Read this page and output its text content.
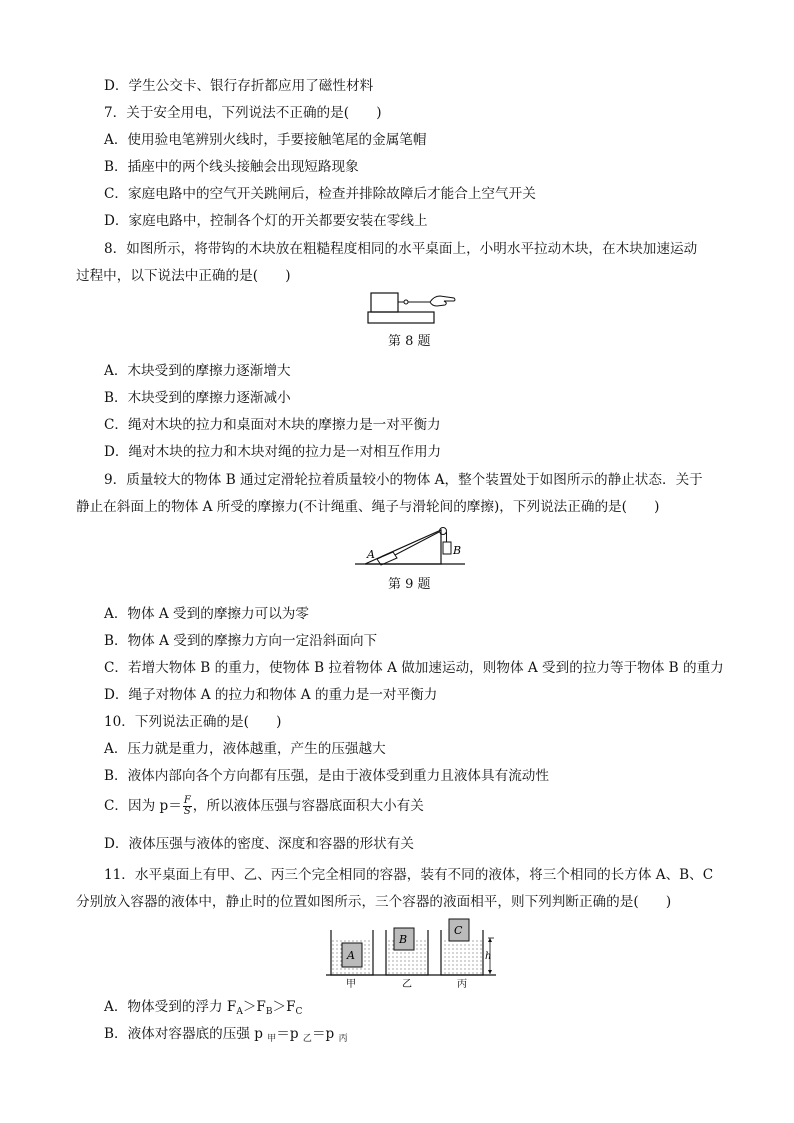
D．学生公交卡、银行存折都应用了磁性材料
7．关于安全用电，下列说法不正确的是(　　)
A．使用验电笔辨别火线时，手要接触笔尾的金属笔帽
B．插座中的两个线头接触会出现短路现象
C．家庭电路中的空气开关跳闸后，检查并排除故障后才能合上空气开关
D．家庭电路中，控制各个灯的开关都要安装在零线上
8．如图所示，将带钩的木块放在粗糙程度相同的水平桌面上，小明水平拉动木块，在木块加速运动
过程中，以下说法中正确的是(　　)
第 8 题
A．木块受到的摩擦力逐渐增大
B．木块受到的摩擦力逐渐减小
C．绳对木块的拉力和桌面对木块的摩擦力是一对平衡力
D．绳对木块的拉力和木块对绳的拉力是一对相互作用力
9．质量较大的物体 B 通过定滑轮拉着质量较小的物体 A，整个装置处于如图所示的静止状态．关于
静止在斜面上的物体 A 所受的摩擦力(不计绳重、绳子与滑轮间的摩擦)，下列说法正确的是(　　)
A	B
第 9 题
A．物体 A 受到的摩擦力可以为零
B．物体 A 受到的摩擦力方向一定沿斜面向下
C．若增大物体 B 的重力，使物体 B 拉着物体 A 做加速运动，则物体 A 受到的拉力等于物体 B 的重力
D．绳子对物体 A 的拉力和物体 A 的重力是一对平衡力
10．下列说法正确的是(　　)
A．压力就是重力，液体越重，产生的压强越大
B．液体内部向各个方向都有压强，是由于液体受到重力且液体具有流动性
C．因为 $p= \frac{F}{S}$ ，所以液体压强与容器底面积大小有关
D．液体压强与液体的密度、深度和容器的形状有关
11．水平桌面上有甲、乙、丙三个完全相同的容器，装有不同的液体，将三个相同的长方体 A、B、C
分别放入容器的液体中，静止时的位置如图所示，三个容器的液面相平，则下列判断正确的是(　　)
A
B
C
h
甲	乙	丙
A．物体受到的浮力 $F_A>F_B>F_C$
B．液体对容器底的压强 p $_甲$＝p $_乙$＝p $_丙$
